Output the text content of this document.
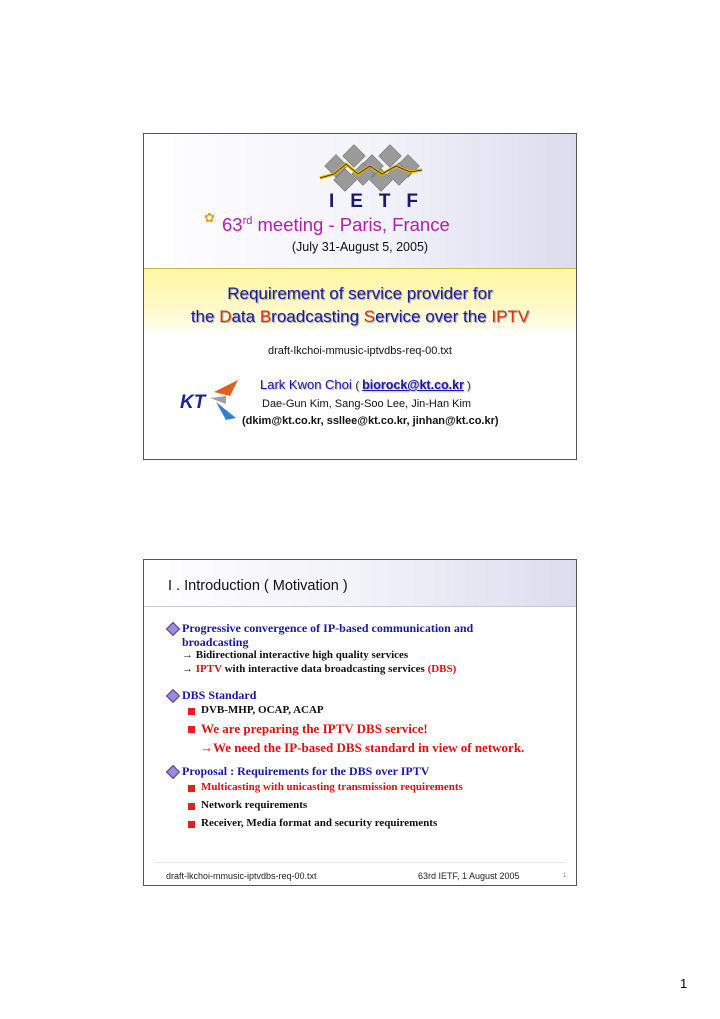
I E T F
✿ 63rd meeting - Paris, France
(July 31-August 5, 2005)
Requirement of service provider for
the Data Broadcasting Service over the IPTV
draft-lkchoi-mmusic-iptvdbs-req-00.txt
KT
Lark Kwon Choi ( biorock@kt.co.kr )
Dae-Gun Kim, Sang-Soo Lee, Jin-Han Kim
(dkim@kt.co.kr, ssllee@kt.co.kr, jinhan@kt.co.kr)
I . Introduction ( Motivation )
Progressive convergence of IP-based communication and
broadcasting
→ Bidirectional interactive high quality services
→ IPTV with interactive data broadcasting services (DBS)
DBS Standard
DVB-MHP, OCAP, ACAP
We are preparing the IPTV DBS service!
→We need the IP-based DBS standard in view of network.
Proposal : Requirements for the DBS over IPTV
Multicasting with unicasting transmission requirements
Network requirements
Receiver, Media format and security requirements
draft-lkchoi-mmusic-iptvdbs-req-00.txt	63rd IETF, 1 August 2005	1
1
